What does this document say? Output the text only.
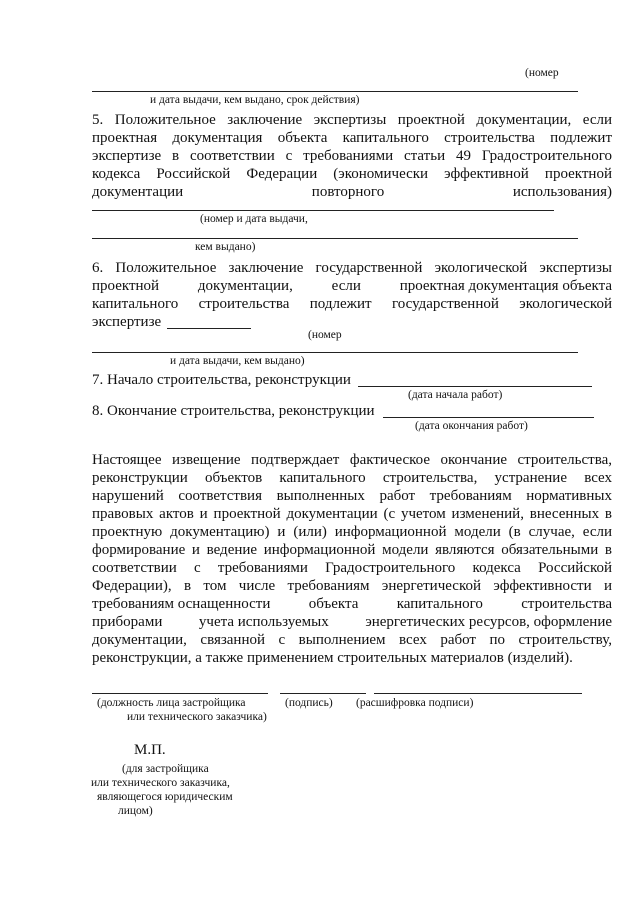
(номер
и дата выдачи, кем выдано, срок действия)
5. Положительное заключение экспертизы проектной документации, если
проектная документация объекта капитального строительства подлежит
экспертизе в соответствии с требованиями статьи 49 Градостроительного
кодекса Российской Федерации (экономически эффективной проектной
документации	повторного	использования)
(номер и дата выдачи,
кем выдано)
6. Положительное заключение государственной экологической экспертизы
проектной	документации,	если	проектная документация объекта
капитального строительства подлежит государственной экологической
экспертизе
(номер
и дата выдачи, кем выдано)
7. Начало строительства, реконструкции
(дата начала работ)
8. Окончание строительства, реконструкции
(дата окончания работ)
Настоящее извещение подтверждает фактическое окончание строительства,
реконструкции объектов капитального строительства, устранение всех
нарушений соответствия выполненных работ требованиям нормативных
правовых актов и проектной документации (с учетом изменений, внесенных в
проектную документацию) и (или) информационной модели (в случае, если
формирование и ведение информационной модели являются обязательными в
соответствии с требованиями Градостроительного кодекса Российской
Федерации), в том числе требованиям энергетической эффективности и
требованиям оснащенности	объекта	капитального	строительства
приборами учета используемых энергетических ресурсов, оформление
документации, связанной с выполнением всех работ по строительству,
реконструкции, а также применением строительных материалов (изделий).
(должность лица застройщика
или технического заказчика)
(подпись) (расшифровка подписи)
М.П.
(для застройщика
или технического заказчика,
являющегося юридическим
лицом)
